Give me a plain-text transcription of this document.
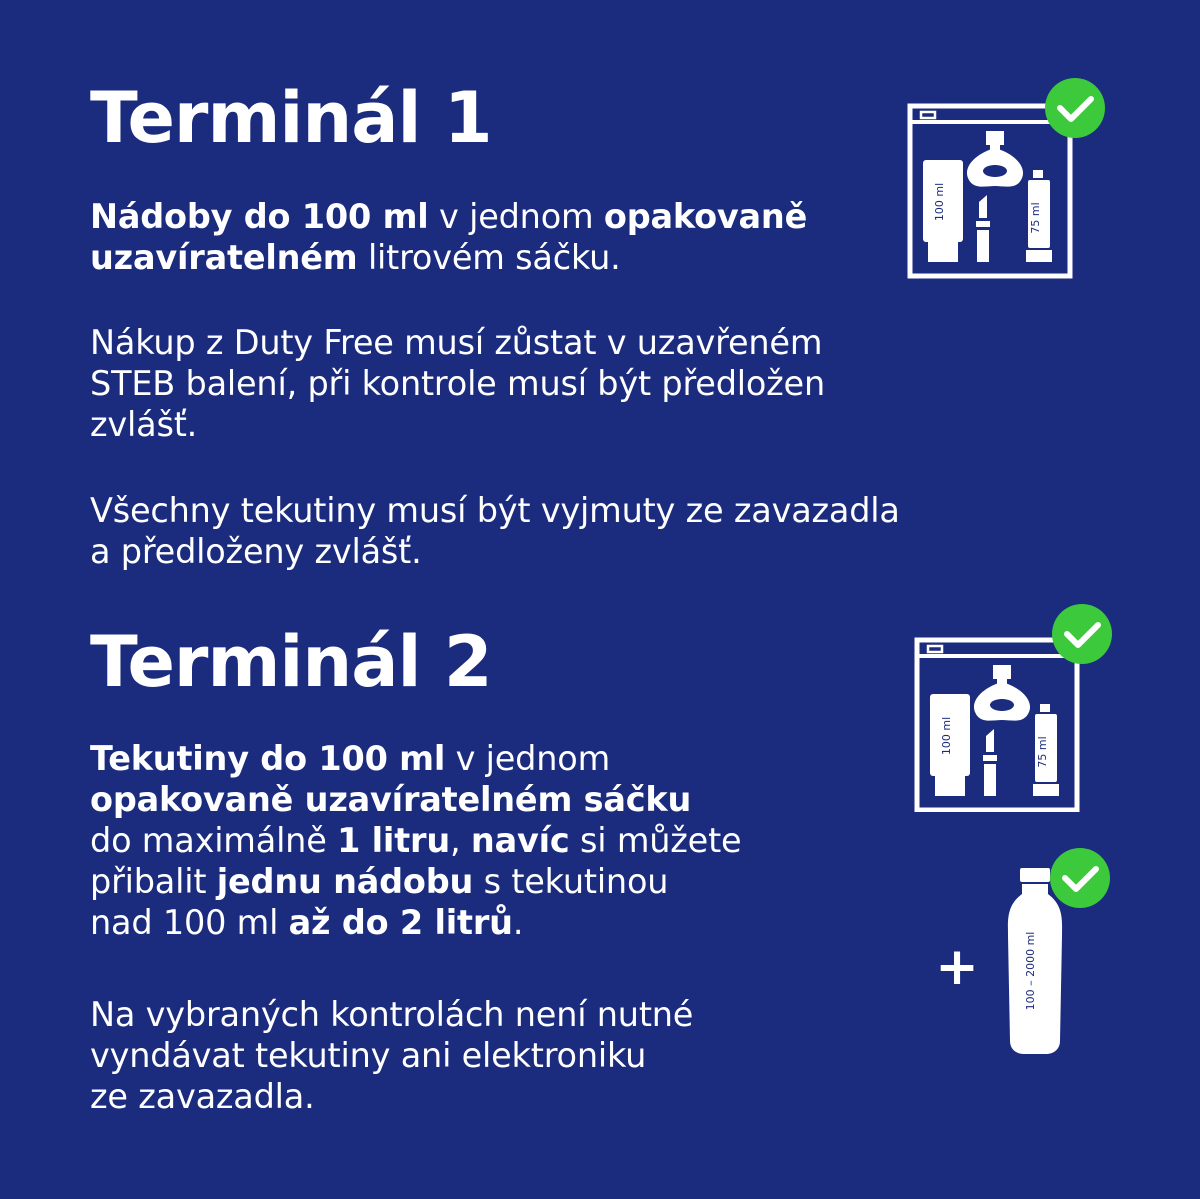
Terminál 1

Nádoby do 100 ml v jednom opakovaně
uzavíratelném litrovém sáčku.

Nákup z Duty Free musí zůstat v uzavřeném
STEB balení, při kontrole musí být předložen
zvlášť.

Všechny tekutiny musí být vyjmuty ze zavazadla
a předloženy zvlášť.

100 ml	75 ml
Terminál 2

Tekutiny do 100 ml v jednom
opakovaně uzavíratelném sáčku
do maximálně 1 litru, navíc si můžete
přibalit jednu nádobu s tekutinou
nad 100 ml až do 2 litrů.

Na vybraných kontrolách není nutné
vyndávat tekutiny ani elektroniku
ze zavazadla.

100 ml	75 ml
+	100 – 2000 ml
